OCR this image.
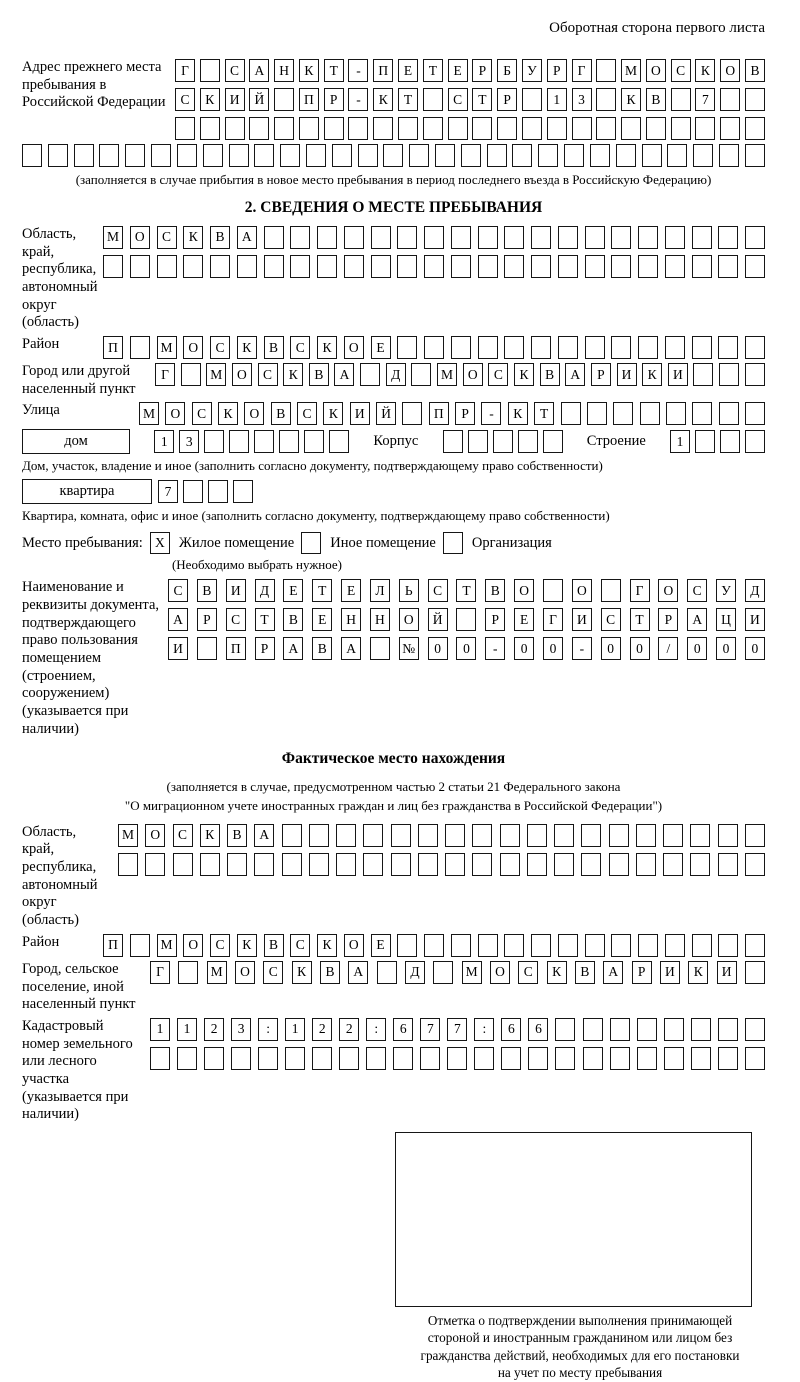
Оборотная сторона первого листа
Адрес прежнего места пребывания в Российской Федерации
Г	С	А	Н	К	Т	-	П	Е	Т	Е	Р	Б	У	Р	Г	М	О	С	К	О	В
С	К	И	Й	П	Р	-	К	Т	С	Т	Р	1	3	К	В	7
(заполняется в случае прибытия в новое место пребывания в период последнего въезда в Российскую Федерацию)
2. СВЕДЕНИЯ О МЕСТЕ ПРЕБЫВАНИЯ
Область, край, республика, автономный округ (область)
М	О	С	К	В	А
Район	П	М	О	С	К	В	С	К	О	Е
Город или другой населенный пункт
Г	М	О	С	К	В	А	Д	М	О	С	К	В	А	Р	И	К	И
Улица	М	О	С	К	О	В	С	К	И	Й	П	Р	-	К	Т
дом	1	3	Корпус	Строение	1
Дом, участок, владение и иное (заполнить согласно документу, подтверждающему право собственности)
квартира	7
Квартира, комната, офис и иное (заполнить согласно документу, подтверждающему право собственности)
Место пребывания: X Жилое помещение Иное помещение Организация
(Необходимо выбрать нужное)
Наименование и реквизиты документа, подтверждающего право пользования помещением (строением, сооружением) (указывается при наличии)
С	В	И	Д	Е	Т	Е	Л	Ь	С	Т	В	О	О	Г	О	С	У	Д
А	Р	С	Т	В	Е	Н	Н	О	Й	Р	Е	Г	И	С	Т	Р	А	Ц	И
И	П	Р	А	В	А	№	0	0	-	0	0	-	0	0	/	0	0	0
Фактическое место нахождения
(заполняется в случае, предусмотренном частью 2 статьи 21 Федерального закона
"О миграционном учете иностранных граждан и лиц без гражданства в Российской Федерации")
Область, край, республика, автономный округ (область)
М	О	С	К	В	А
Район	П	М	О	С	К	В	С	К	О	Е
Город, сельское поселение, иной населенный пункт
Г	М	О	С	К	В	А	Д	М	О	С	К	В	А	Р	И	К	И
Кадастровый номер земельного или лесного участка (указывается при наличии)
1	1	2	3	:	1	2	2	:	6	7	7	:	6	6
Отметка о подтверждении выполнения принимающей
стороной и иностранным гражданином или лицом без
гражданства действий, необходимых для его постановки
на учет по месту пребывания
